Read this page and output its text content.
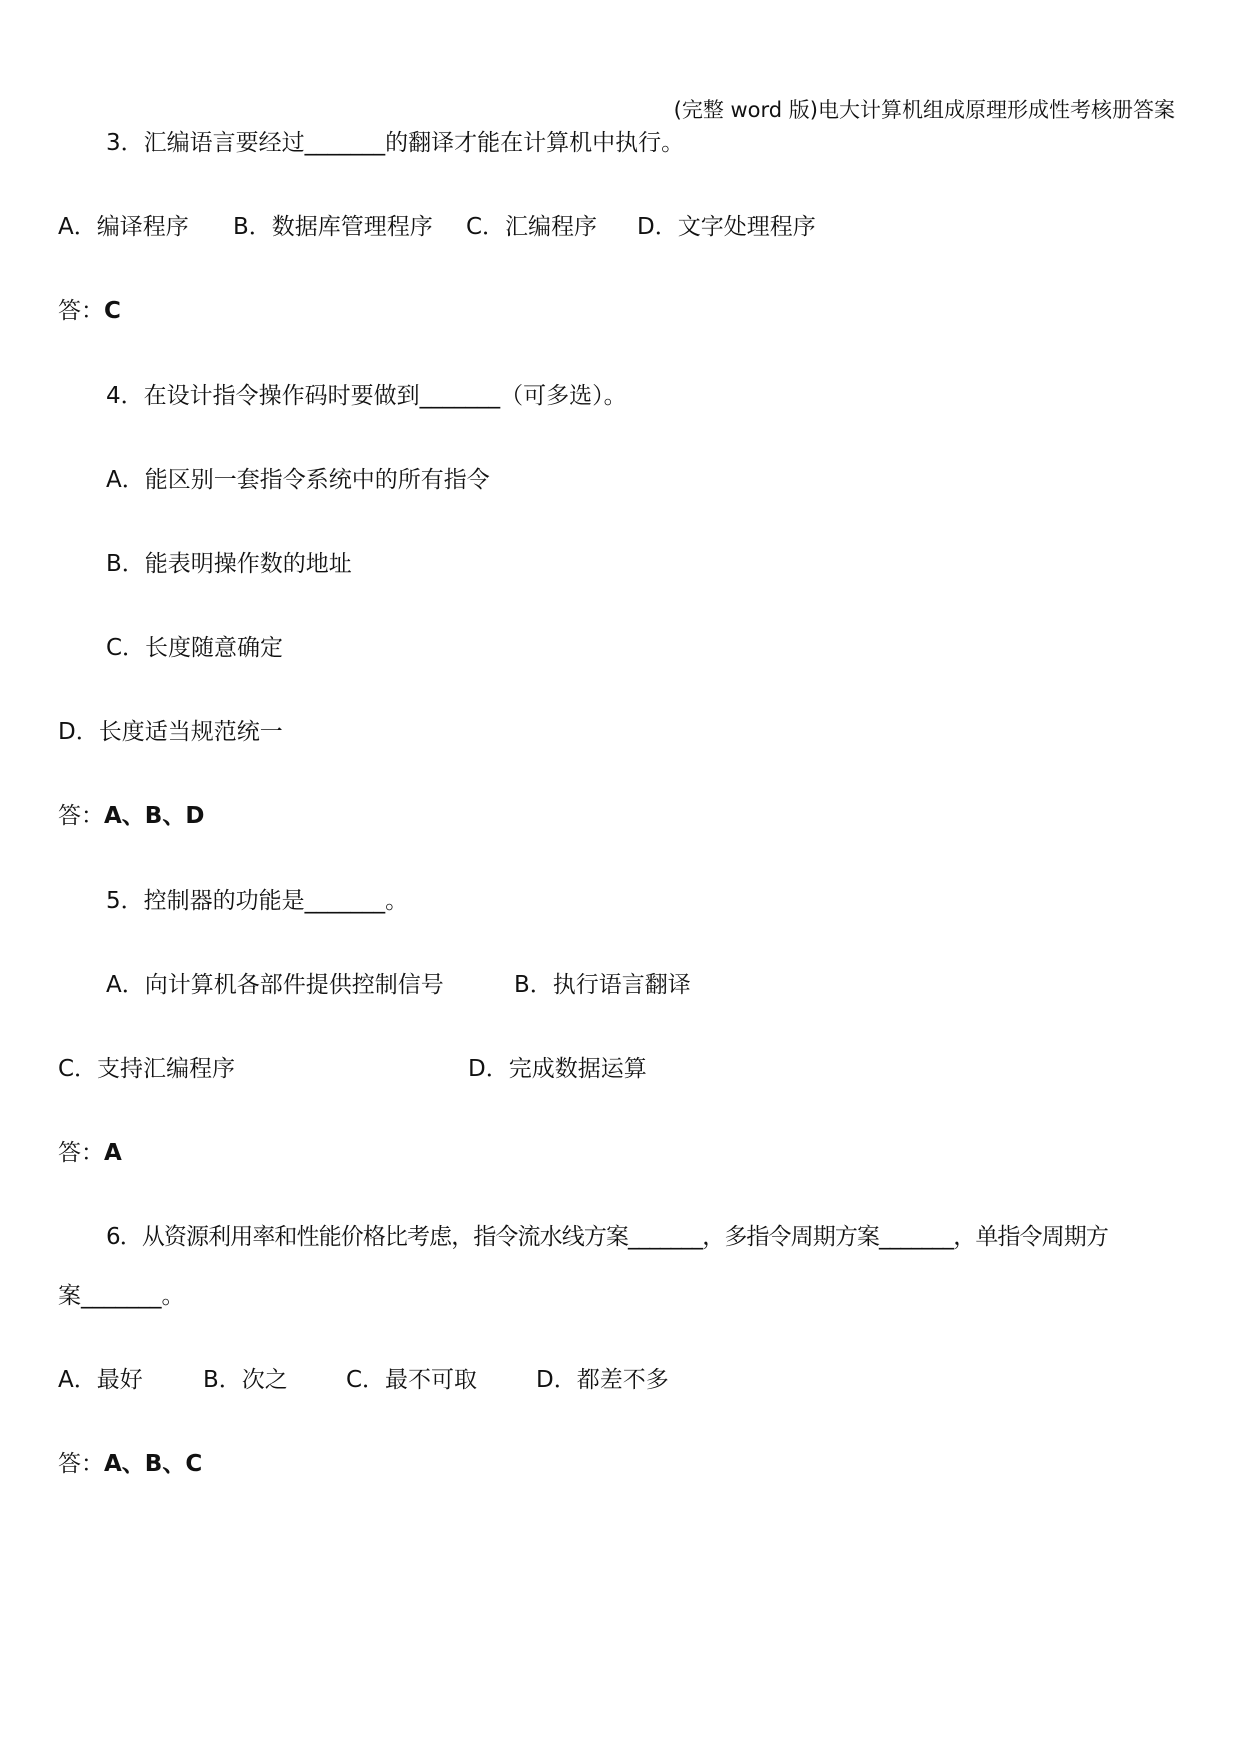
(完整 word 版)电大计算机组成原理形成性考核册答案
3．汇编语言要经过_______的翻译才能在计算机中执行。
A．编译程序 B．数据库管理程序 C．汇编程序 D．文字处理程序
答：C
4．在设计指令操作码时要做到_______（可多选）。
A．能区别一套指令系统中的所有指令
B．能表明操作数的地址
C．长度随意确定
D．长度适当规范统一
答：A、B、D
5．控制器的功能是_______。
A．向计算机各部件提供控制信号	B．执行语言翻译
C．支持汇编程序	D．完成数据运算
答：A
6．从资源利用率和性能价格比考虑，指令流水线方案_______，多指令周期方案_______，单指令周期方
案_______。
A．最好	B．次之	C．最不可取	D．都差不多
答：A、B、C
